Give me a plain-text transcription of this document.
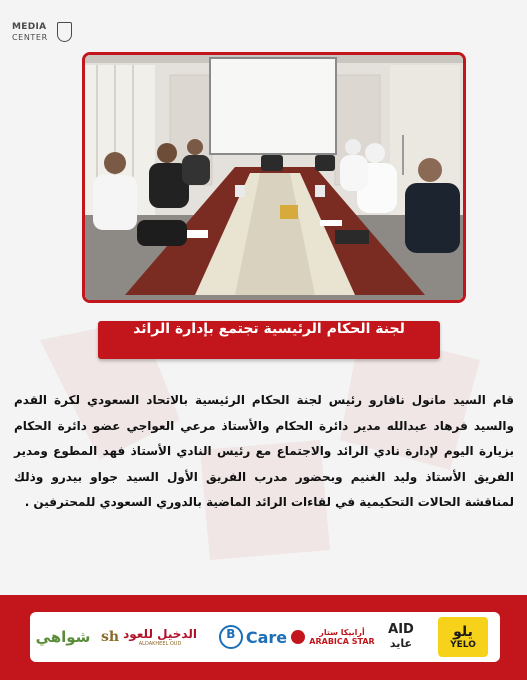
MEDIA
CENTER
لجنة الحكام الرئيسية تجتمع بإدارة الرائد
قام السيد مانول نافارو رئيس لجنة الحكام الرئيسية بالاتحاد السعودي لكرة القدم والسيد فرهاد عبدالله مدير دائرة الحكام والأستاذ مرعي العواجي عضو دائرة الحكام بزيارة اليوم لإدارة نادي الرائد والاجتماع مع رئيس النادي الأستاذ فهد المطوع ومدير الفريق الأستاذ وليد الغنيم وبحضور مدرب الفريق الأول السيد جواو بيدرو وذلك لمناقشة الحالات التحكيمية في لقاءات الرائد الماضية بالدوري السعودي للمحترفين .
شواهي sh الدخيل للعود
ALDAKHEEL OUD
B Care	أرابيكا ستار
ARABICA STAR
AID
عايد
يلو
YELO
